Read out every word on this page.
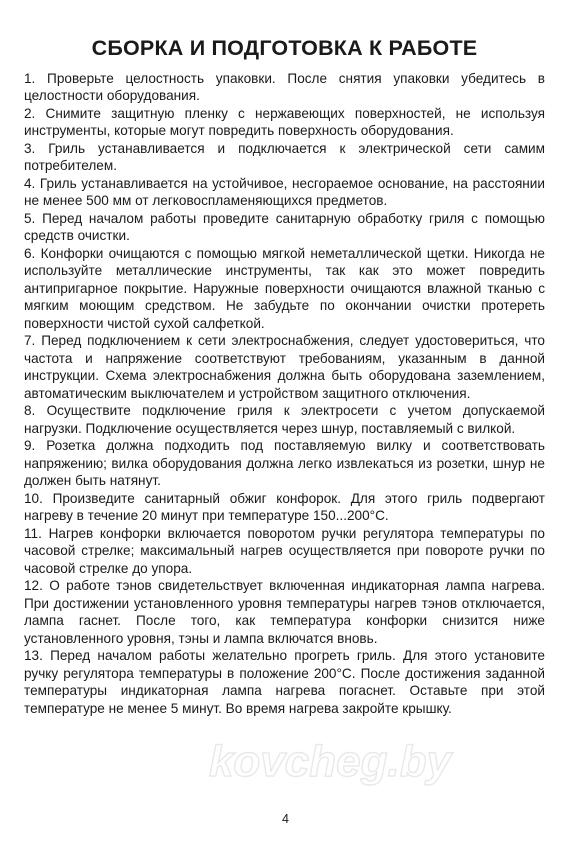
СБОРКА И ПОДГОТОВКА К РАБОТЕ

1. Проверьте целостность упаковки. После снятия упаковки убедитесь в целостности оборудования.

2. Снимите защитную пленку с нержавеющих поверхностей, не используя инструменты, которые могут повредить поверхность оборудования.

3. Гриль устанавливается и подключается к электрической сети самим потребителем.

4. Гриль устанавливается на устойчивое, несгораемое основание, на расстоянии не менее 500 мм от легковоспламеняющихся предметов.

5. Перед началом работы проведите санитарную обработку гриля с помощью средств очистки.

6. Конфорки очищаются с помощью мягкой неметаллической щетки. Никогда не используйте металлические инструменты, так как это может повредить антипригарное покрытие. Наружные поверхности очищаются влажной тканью с мягким моющим средством. Не забудьте по окончании очистки протереть поверхности чистой сухой салфеткой.

7. Перед подключением к сети электроснабжения, следует удостовериться, что частота и напряжение соответствуют требованиям, указанным в данной инструкции. Схема электроснабжения должна быть оборудована заземлением, автоматическим выключателем и устройством защитного отключения.

8. Осуществите подключение гриля к электросети с учетом допускаемой нагрузки. Подключение осуществляется через шнур, поставляемый с вилкой.

9. Розетка должна подходить под поставляемую вилку и соответствовать напряжению; вилка оборудования должна легко извлекаться из розетки, шнур не должен быть натянут.

10. Произведите санитарный обжиг конфорок. Для этого гриль подвергают нагреву в течение 20 минут при температуре 150...200°С.

11. Нагрев конфорки включается поворотом ручки регулятора температуры по часовой стрелке; максимальный нагрев осуществляется при повороте ручки по часовой стрелке до упора.

12. О работе тэнов свидетельствует включенная индикаторная лампа нагрева. При достижении установленного уровня температуры нагрев тэнов отключается, лампа гаснет. После того, как температура конфорки снизится ниже установленного уровня, тэны и лампа включатся вновь.

13. Перед началом работы желательно прогреть гриль. Для этого установите ручку регулятора температуры в положение 200°С. После достижения заданной температуры индикаторная лампа нагрева погаснет. Оставьте при этой температуре не менее 5 минут. Во время нагрева закройте крышку.

4
kovcheg.by
